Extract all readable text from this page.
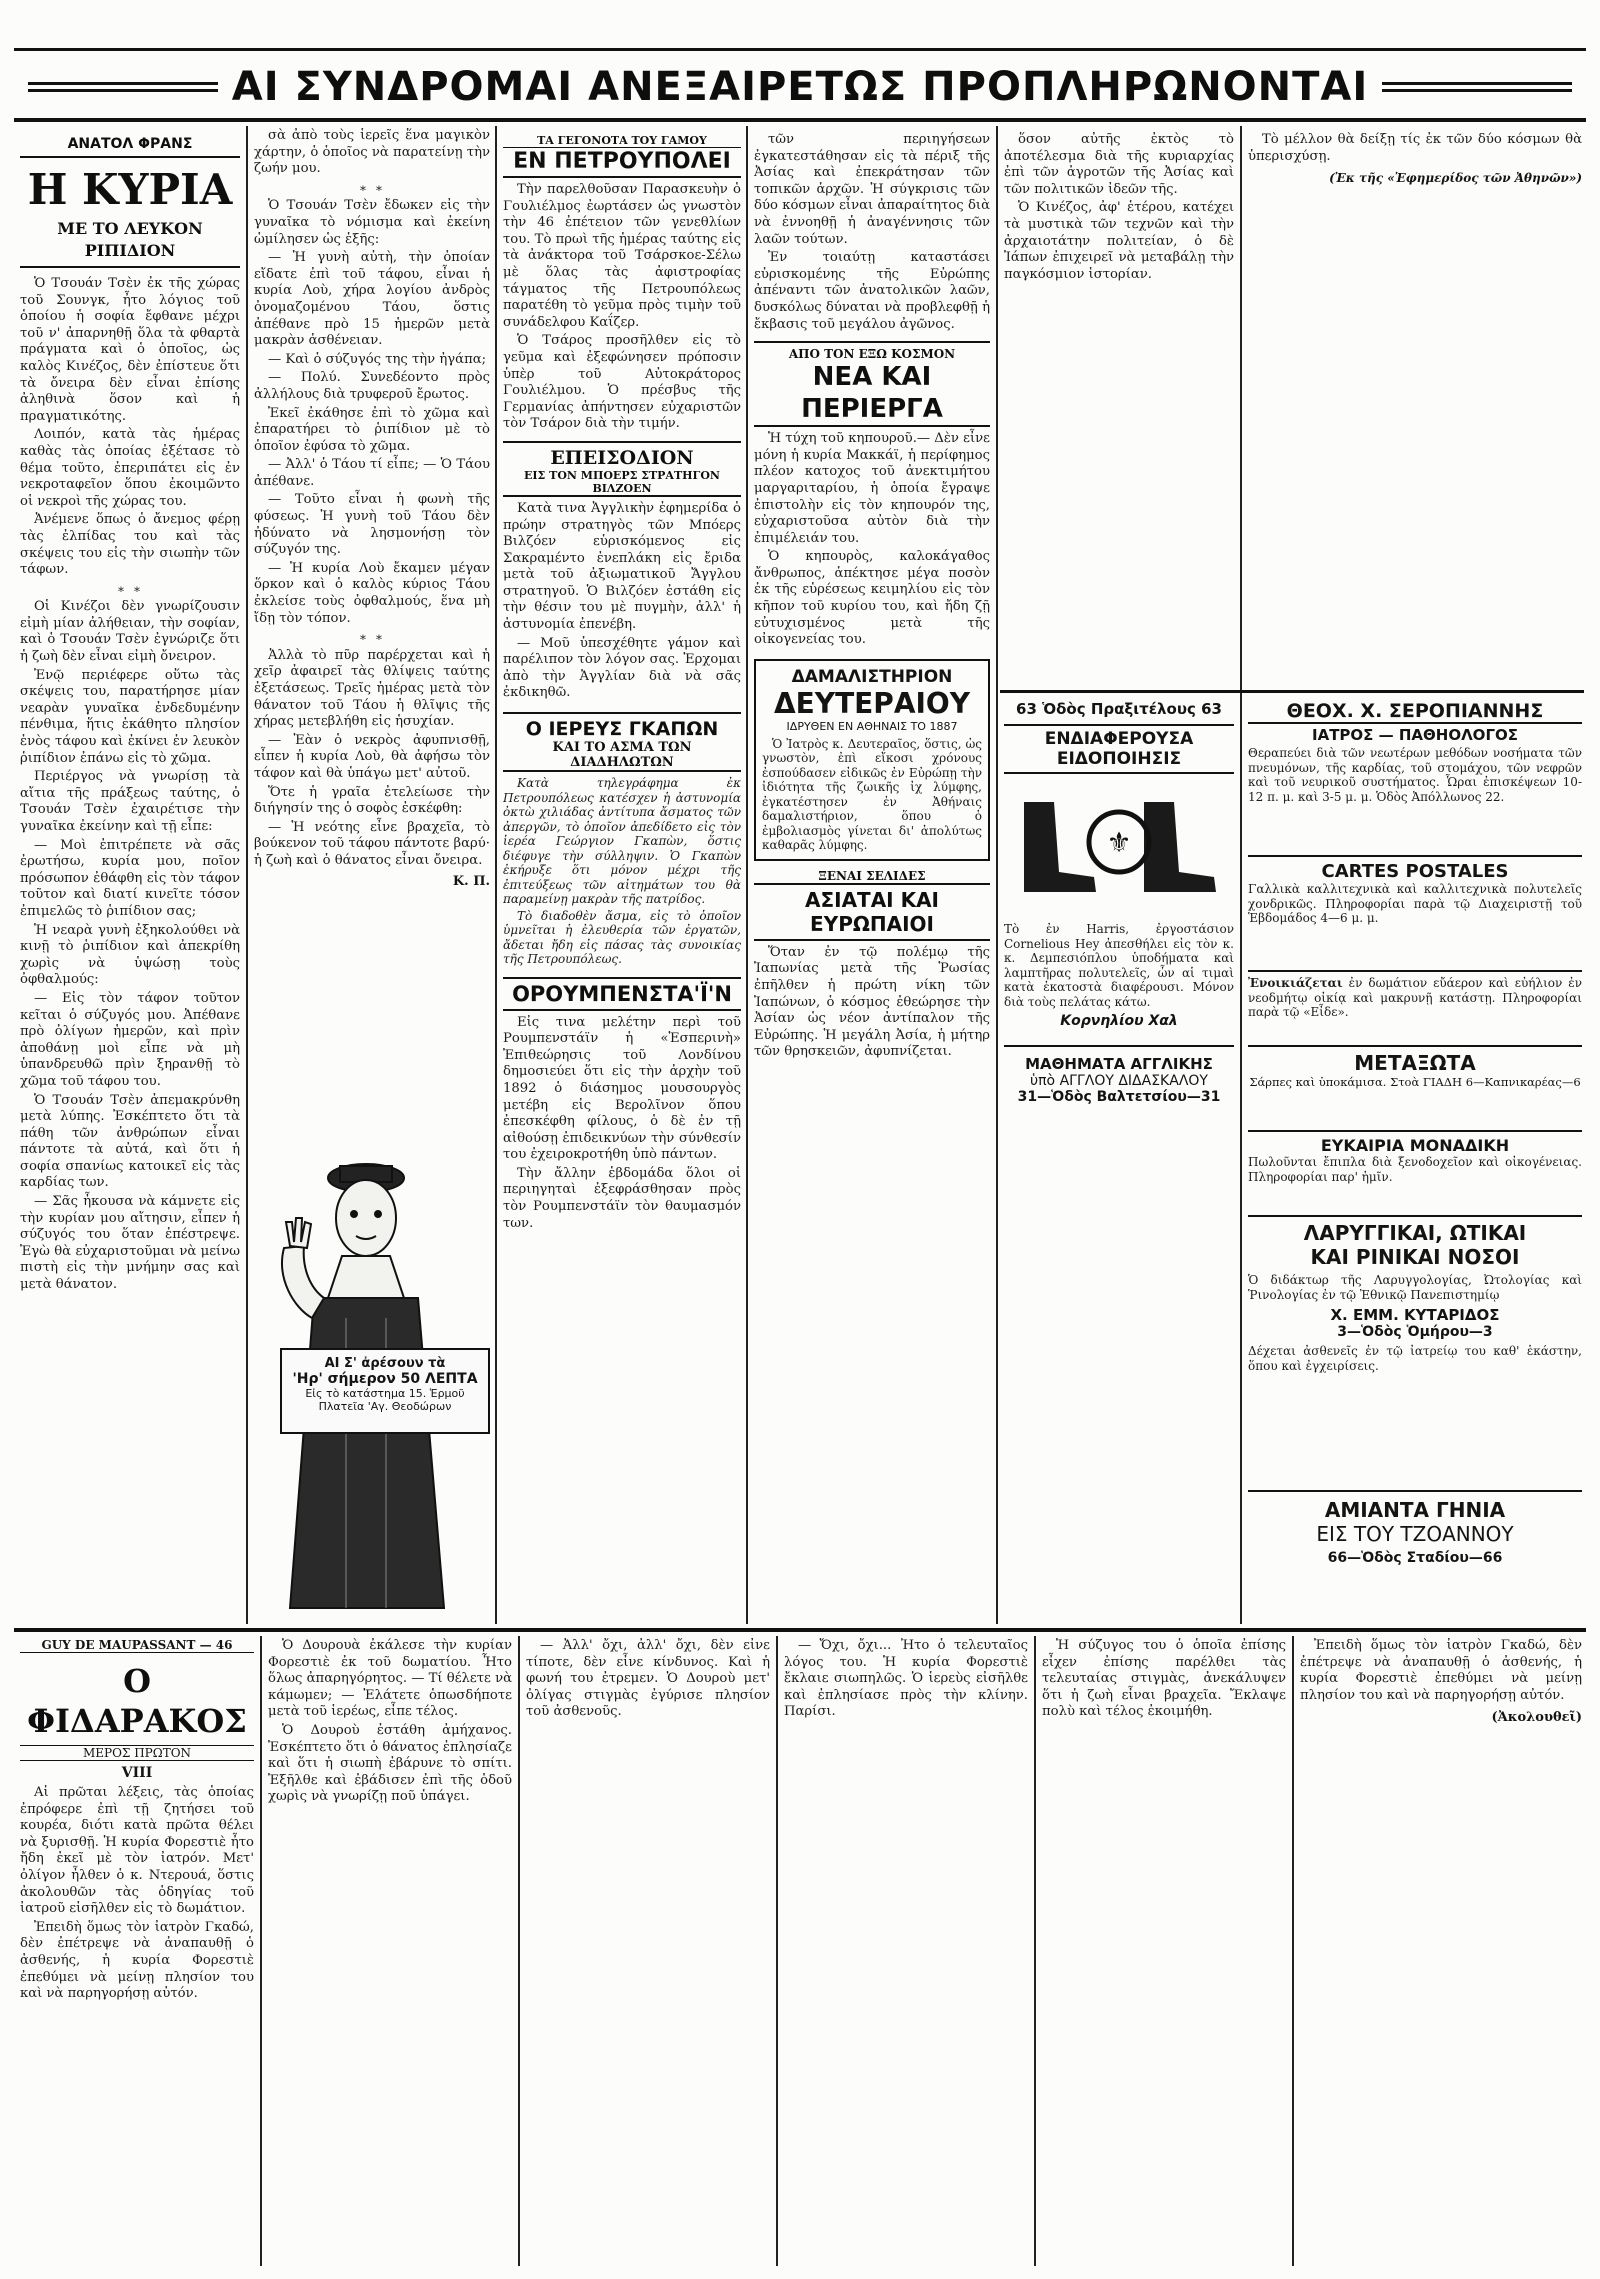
ΑΙ ΣΥΝΔΡΟΜΑΙ ΑΝΕΞΑΙΡΕΤΩΣ ΠΡΟΠΛΗΡΩΝΟΝΤΑΙ
ΑΝΑΤΟΛ ΦΡΑΝΣ
Η ΚΥΡΙΑ
ΜΕ ΤΟ ΛΕΥΚΟΝ ΡΙΠΙΔΙΟΝ

Ὁ Τσουάν Τσὲν ἐκ τῆς χώρας τοῦ Σουνγκ, ἦτο λόγιος τοῦ ὁποίου ἡ σοφία ἔφθανε μέχρι τοῦ ν' ἀπαρνηθῇ ὅλα τὰ φθαρτὰ πράγματα καὶ ὁ ὁποῖος, ὡς καλὸς Κινέζος, δὲν ἐπίστευε ὅτι τὰ ὄνειρα δὲν εἶναι ἐπίσης ἀληθινὰ ὅσον καὶ ἡ πραγματικότης.

Λοιπόν, κατὰ τὰς ἡμέρας καθὰς τὰς ὁποίας ἐξέτασε τὸ θέμα τοῦτο, ἐπεριπάτει εἰς ἐν νεκροταφεῖον ὅπου ἐκοιμῶντο οἱ νεκροὶ τῆς χώρας του.

Ἀνέμενε ὅπως ὁ ἄνεμος φέρῃ τὰς ἐλπίδας του καὶ τὰς σκέψεις του εἰς τὴν σιωπὴν τῶν τάφων.

∗ ∗

Οἱ Κινέζοι δὲν γνωρίζουσιν εἰμὴ μίαν ἀλήθειαν, τὴν σοφίαν, καὶ ὁ Τσουάν Τσὲν ἐγνώριζε ὅτι ἡ ζωὴ δὲν εἶναι εἰμὴ ὄνειρον.

Ἐνῷ περιέφερε οὕτω τὰς σκέψεις του, παρατήρησε μίαν νεαρὰν γυναῖκα ἐνδεδυμένην πένθιμα, ἥτις ἐκάθητο πλησίον ἑνὸς τάφου καὶ ἐκίνει ἐν λευκὸν ῥιπίδιον ἐπάνω εἰς τὸ χῶμα.

Περιέργος νὰ γνωρίσῃ τὰ αἴτια τῆς πράξεως ταύτης, ὁ Τσουάν Τσὲν ἐχαιρέτισε τὴν γυναῖκα ἐκείνην καὶ τῇ εἶπε:

— Μοὶ ἐπιτρέπετε νὰ σᾶς ἐρωτήσω, κυρία μου, ποῖον πρόσωπον ἐθάφθη εἰς τὸν τάφον τοῦτον καὶ διατί κινεῖτε τόσον ἐπιμελῶς τὸ ῥιπίδιον σας;

Ἡ νεαρὰ γυνὴ ἐξηκολούθει νὰ κινῇ τὸ ῥιπίδιον καὶ ἀπεκρίθη χωρὶς νὰ ὑψώσῃ τοὺς ὀφθαλμούς:

— Εἰς τὸν τάφον τοῦτον κεῖται ὁ σύζυγός μου. Ἀπέθανε πρὸ ὀλίγων ἡμερῶν, καὶ πρὶν ἀποθάνῃ μοὶ εἶπε νὰ μὴ ὑπανδρευθῶ πρὶν ξηρανθῇ τὸ χῶμα τοῦ τάφου του.

Ὁ Τσουάν Τσὲν ἀπεμακρύνθη μετὰ λύπης. Ἐσκέπτετο ὅτι τὰ πάθη τῶν ἀνθρώπων εἶναι πάντοτε τὰ αὐτά, καὶ ὅτι ἡ σοφία σπανίως κατοικεῖ εἰς τὰς καρδίας των.

— Σᾶς ἦκουσα νὰ κάμνετε εἰς τὴν κυρίαν μου αἴτησιν, εἶπεν ἡ σύζυγός του ὅταν ἐπέστρεψε. Ἐγὼ θὰ εὐχαριστοῦμαι νὰ μείνω πιστὴ εἰς τὴν μνήμην σας καὶ μετὰ θάνατον.

σὰ ἀπὸ τοὺς ἱερεῖς ἕνα μαγικὸν χάρτην, ὁ ὁποῖος νὰ παρατείνῃ τὴν ζωήν μου.

∗ ∗

Ὁ Τσουάν Τσὲν ἔδωκεν εἰς τὴν γυναῖκα τὸ νόμισμα καὶ ἐκείνη ὡμίλησεν ὡς ἑξῆς:

— Ἡ γυνὴ αὐτὴ, τὴν ὁποίαν εἴδατε ἐπὶ τοῦ τάφου, εἶναι ἡ κυρία Λοὺ, χήρα λογίου ἀνδρὸς ὀνομαζομένου Τάου, ὅστις ἀπέθανε πρὸ 15 ἡμερῶν μετὰ μακρὰν ἀσθένειαν.

— Καὶ ὁ σύζυγός της τὴν ἠγάπα;

— Πολύ. Συνεδέοντο πρὸς ἀλλήλους διὰ τρυφεροῦ ἔρωτος.

Ἐκεῖ ἐκάθησε ἐπὶ τὸ χῶμα καὶ ἐπαρατήρει τὸ ῥιπίδιον μὲ τὸ ὁποῖον ἐφύσα τὸ χῶμα.

— Ἀλλ' ὁ Τάου τί εἶπε; — Ὁ Τάου ἀπέθανε.

— Τοῦτο εἶναι ἡ φωνὴ τῆς φύσεως. Ἡ γυνὴ τοῦ Τάου δὲν ἠδύνατο νὰ λησμονήσῃ τὸν σύζυγόν της.

— Ἡ κυρία Λοὺ ἔκαμεν μέγαν ὅρκον καὶ ὁ καλὸς κύριος Τάου ἐκλείσε τοὺς ὀφθαλμούς, ἕνα μὴ ἴδῃ τὸν τόπον.

∗ ∗

Ἀλλὰ τὸ πῦρ παρέρχεται καὶ ἡ χεῖρ ἀφαιρεῖ τὰς θλίψεις ταύτης ἐξετάσεως. Τρεῖς ἡμέρας μετὰ τὸν θάνατον τοῦ Τάου ἡ θλῖψις τῆς χήρας μετεβλήθη εἰς ἡσυχίαν.

— Ἐὰν ὁ νεκρὸς ἀφυπνισθῇ, εἶπεν ἡ κυρία Λοὺ, θὰ ἀφήσω τὸν τάφον καὶ θὰ ὑπάγω μετ' αὐτοῦ.

Ὅτε ἡ γραῖα ἐτελείωσε τὴν διήγησίν της ὁ σοφὸς ἐσκέφθη:

— Ἡ νεότης εἶνε βραχεῖα, τὸ βούκενον τοῦ τάφου πάντοτε βαρύ· ἡ ζωὴ καὶ ὁ θάνατος εἶναι ὄνειρα.

Κ. Π.
ΑΙ Σ' ἀρέσουν τὰ
'Ηρ' σήμερον 50 ΛΕΠΤΑ
Εἰς τὸ κατάστημα 15. Ἑρμοῦ
Πλατεῖα 'Αγ. Θεοδώρων
ΤΑ ΓΕΓΟΝΟΤΑ ΤΟΥ ΓΑΜΟΥ
ΕΝ ΠΕΤΡΟΥΠΟΛΕΙ

Τὴν παρελθοῦσαν Παρασκευὴν ὁ Γουλιέλμος ἐωρτάσεν ὡς γνωστὸν τὴν 46 ἐπέτειον τῶν γενεθλίων του. Τὸ πρωὶ τῆς ἡμέρας ταύτης εἰς τὰ ἀνάκτορα τοῦ Τσάρσκοε-Σέλω μὲ ὅλας τὰς ἀφιστροφίας τάγματος τῆς Πετρουπόλεως παρατέθη τὸ γεῦμα πρὸς τιμὴν τοῦ συνάδελφου Καΐζερ.

Ὁ Τσάρος προσῆλθεν εἰς τὸ γεῦμα καὶ ἐξεφώνησεν πρόποσιν ὑπὲρ τοῦ Αὐτοκράτορος Γουλιέλμου. Ὁ πρέσβυς τῆς Γερμανίας ἀπήντησεν εὐχαριστῶν τὸν Τσάρον διὰ τὴν τιμήν.

ΕΠΕΙΣΟΔΙΟΝ
ΕΙΣ ΤΟΝ ΜΠΟΕΡΣ ΣΤΡΑΤΗΓΟΝ ΒΙΛΖΟΕΝ

Κατὰ τινα Ἀγγλικὴν ἐφημερίδα ὁ πρώην στρατηγὸς τῶν Μπόερς Βιλζόεν εὑρισκόμενος εἰς Σακραμέντο ἐνεπλάκη εἰς ἔριδα μετὰ τοῦ ἀξιωματικοῦ Ἄγγλου στρατηγοῦ. Ὁ Βιλζόεν ἐστάθη εἰς τὴν θέσιν του μὲ πυγμὴν, ἀλλ' ἡ ἀστυνομία ἐπενέβη.

— Μοῦ ὑπεσχέθητε γάμον καὶ παρέλιπον τὸν λόγον σας. Ἐρχομαι ἀπὸ τὴν Ἀγγλίαν διὰ νὰ σᾶς ἐκδικηθῶ.

Ο ΙΕΡΕΥΣ ΓΚΑΠΩΝ
ΚΑΙ ΤΟ ΑΣΜΑ ΤΩΝ ΔΙΑΔΗΛΩΤΩΝ

Κατὰ τηλεγράφημα ἐκ Πετρουπόλεως κατέσχεν ἡ ἀστυνομία ὀκτὼ χιλιάδας ἀντίτυπα ἄσματος τῶν ἀπεργῶν, τὸ ὁποῖον ἀπεδίδετο εἰς τὸν ἱερέα Γεώργιον Γκαπὼν, ὅστις διέφυγε τὴν σύλληψιν. Ὁ Γκαπὼν ἐκήρυξε ὅτι μόνον μέχρι τῆς ἐπιτεύξεως τῶν αἰτημάτων του θὰ παραμείνῃ μακρὰν τῆς πατρίδος.

Τὸ διαδοθὲν ἄσμα, εἰς τὸ ὁποῖον ὑμνεῖται ἡ ἐλευθερία τῶν ἐργατῶν, ἄδεται ἤδη εἰς πάσας τὰς συνοικίας τῆς Πετρουπόλεως.

ΟΡΟΥΜΠΕΝΣΤΑ'Ϊ'Ν

Εἰς τινα μελέτην περὶ τοῦ Ρουμπενστάϊν ἡ «Ἑσπερινὴ» Ἐπιθεώρησις τοῦ Λονδίνου δημοσιεύει ὅτι εἰς τὴν ἀρχὴν τοῦ 1892 ὁ διάσημος μουσουργὸς μετέβη εἰς Βερολῖνον ὅπου ἐπεσκέφθη φίλους, ὁ δὲ ἐν τῇ αἰθούσῃ ἐπιδεικνύων τὴν σύνθεσίν του ἐχειροκροτήθη ὑπὸ πάντων.

Τὴν ἄλλην ἑβδομάδα ὅλοι οἱ περιηγηταὶ ἐξεφράσθησαν πρὸς τὸν Ρουμπενστάϊν τὸν θαυμασμόν των.

τῶν περιηγήσεων ἐγκατεστάθησαν εἰς τὰ πέριξ τῆς Ἀσίας καὶ ἐπεκράτησαν τῶν τοπικῶν ἀρχῶν. Ἡ σύγκρισις τῶν δύο κόσμων εἶναι ἀπαραίτητος διὰ νὰ ἐννοηθῇ ἡ ἀναγέννησις τῶν λαῶν τούτων.

Ἐν τοιαύτῃ καταστάσει εὑρισκομένης τῆς Εὐρώπης ἀπέναντι τῶν ἀνατολικῶν λαῶν, δυσκόλως δύναται νὰ προβλεφθῇ ἡ ἔκβασις τοῦ μεγάλου ἀγῶνος.

ΑΠΟ ΤΟΝ ΕΞΩ ΚΟΣΜΟΝ
ΝΕΑ ΚΑΙ ΠΕΡΙΕΡΓΑ

Ἡ τύχη τοῦ κηπουροῦ.— Δὲν εἶνε μόνη ἡ κυρία Μακκάϊ, ἡ περίφημος πλέον κατοχος τοῦ ἀνεκτιμήτου μαργαριταρίου, ἡ ὁποία ἔγραψε ἐπιστολὴν εἰς τὸν κηπουρόν της, εὐχαριστοῦσα αὐτὸν διὰ τὴν ἐπιμέλειάν του.

Ὁ κηπουρὸς, καλοκάγαθος ἄνθρωπος, ἀπέκτησε μέγα ποσὸν ἐκ τῆς εὑρέσεως κειμηλίου εἰς τὸν κῆπον τοῦ κυρίου του, καὶ ἤδη ζῇ εὐτυχισμένος μετὰ τῆς οἰκογενείας του.

ΔΑΜΑΛΙΣΤΗΡΙΟΝ
ΔΕΥΤΕΡΑΙΟΥ
ΙΔΡΥΘΕΝ ΕΝ ΑΘΗΝΑΙΣ ΤΟ 1887
Ὁ Ἰατρὸς κ. Δευτεραῖος, ὅστις, ὡς γνωστὸν, ἐπὶ εἴκοσι χρόνους ἐσπούδασεν εἰδικῶς ἐν Εὐρώπῃ τὴν ἰδιότητα τῆς ζωικῆς ἰχ λύμφης, ἐγκατέστησεν ἐν Ἀθήναις δαμαλιστήριον, ὅπου ὁ ἐμβολιασμὸς γίνεται δι' ἀπολύτως καθαρᾶς λύμφης.
ΞΕΝΑΙ ΣΕΛΙΔΕΣ
ΑΣΙΑΤΑΙ ΚΑΙ ΕΥΡΩΠΑΙΟΙ

Ὅταν ἐν τῷ πολέμῳ τῆς Ἰαπωνίας μετὰ τῆς Ῥωσίας ἐπῆλθεν ἡ πρώτη νίκη τῶν Ἰαπώνων, ὁ κόσμος ἐθεώρησε τὴν Ἀσίαν ὡς νέον ἀντίπαλον τῆς Εὐρώπης. Ἡ μεγάλη Ἀσία, ἡ μήτηρ τῶν θρησκειῶν, ἀφυπνίζεται.

ὅσον αὐτῆς ἐκτὸς τὸ ἀποτέλεσμα διὰ τῆς κυριαρχίας ἐπὶ τῶν ἀγροτῶν τῆς Ἀσίας καὶ τῶν πολιτικῶν ἰδεῶν τῆς.

Ὁ Κινέζος, ἀφ' ἑτέρου, κατέχει τὰ μυστικὰ τῶν τεχνῶν καὶ τὴν ἀρχαιοτάτην πολιτείαν, ὁ δὲ Ἰάπων ἐπιχειρεῖ νὰ μεταβάλῃ τὴν παγκόσμιον ἱστορίαν.

Τὸ μέλλον θὰ δείξῃ τίς ἐκ τῶν δύο κόσμων θὰ ὑπερισχύσῃ.

(Ἐκ τῆς «Ἐφημερίδος τῶν Ἀθηνῶν»)
ΘΕΟΧ. Χ. ΣΕΡΟΠΙΑΝΝΗΣ
ΙΑΤΡΟΣ — ΠΑΘΗΟΛΟΓΟΣ
Θεραπεύει διὰ τῶν νεωτέρων μεθόδων νοσήματα τῶν πνευμόνων, τῆς καρδίας, τοῦ στομάχου, τῶν νεφρῶν καὶ τοῦ νευρικοῦ συστήματος. Ὧραι ἐπισκέψεων 10-12 π. μ. καὶ 3-5 μ. μ. Ὁδὸς Ἀπόλλωνος 22.
CARTES POSTALES
Γαλλικὰ καλλιτεχνικὰ καὶ καλλιτεχνικὰ πολυτελεῖς χονδρικῶς. Πληροφορίαι παρὰ τῷ Διαχειριστῇ τοῦ Ἑβδομάδος 4—6 μ. μ.
Ἐνοικιάζεται ἐν δωμάτιον εὔάερον καὶ εὐήλιον ἐν νεοδμήτῳ οἰκίᾳ καὶ μακρυνῇ κατάστῃ. Πληροφορίαι παρὰ τῷ «Εἶδε».
ΜΕΤΑΞΩΤΑ
Σάρπες καὶ ὑποκάμισα. Στοὰ ΓΙΑΔΗ 6—Καπνικαρέας—6
ΕΥΚΑΙΡΙΑ ΜΟΝΑΔΙΚΗ
Πωλοῦνται ἔπιπλα διὰ ξενοδοχεῖον καὶ οἰκογένειας. Πληροφορίαι παρ' ἡμῖν.
ΛΑΡΥΓΓΙΚΑΙ, ΩΤΙΚΑΙ
ΚΑΙ ΡΙΝΙΚΑΙ ΝΟΣΟΙ
Ὁ διδάκτωρ τῆς Λαρυγγολογίας, Ὠτολογίας καὶ Ῥινολογίας ἐν τῷ Ἐθνικῷ Πανεπιστημίῳ
Χ. ΕΜΜ. ΚΥΤΑΡΙΔΟΣ
3—Ὁδὸς Ὁμήρου—3
Δέχεται ἀσθενεῖς ἐν τῷ ἰατρείῳ του καθ' ἑκάστην, ὅπου καὶ ἐγχειρίσεις.
ΑΜΙΑΝΤΑ ΓΗΝΙΑ
ΕΙΣ ΤΟΥ ΤΖΟΑΝΝΟΥ
66—Ὁδὸς Σταδίου—66
63 Ὁδὸς Πραξιτέλους 63
ΕΝΔΙΑΦΕΡΟΥΣΑ ΕΙΔΟΠΟΙΗΣΙΣ
⚜
Τὸ ἐν Harris, ἐργοστάσιον Cornelious Hey ἀπεσθήλει εἰς τὸν κ. κ. Δεμπεσιόπλου ὑποδήματα καὶ λαμπτῆρας πολυτελεῖς, ὧν αἱ τιμαὶ κατὰ ἑκατοστὰ διαφέρουσι. Μόνον διὰ τοὺς πελάτας κάτω.
Κορνηλίου Χαλ
ΜΑΘΗΜΑΤΑ ΑΓΓΛΙΚΗΣ
ὑπὸ ΑΓΓΛΟΥ ΔΙΔΑΣΚΑΛΟΥ
31—Ὁδὸς Βαλτετσίου—31
GUY DE MAUPASSANT — 46
Ο ΦΙΔΑΡΑΚΟΣ
ΜΕΡΟΣ ΠΡΩΤΟΝ
VIII

Αἱ πρῶται λέξεις, τὰς ὁποίας ἐπρόφερε ἐπὶ τῇ ζητήσει τοῦ κουρέα, διότι κατὰ πρῶτα θέλει νὰ ξυρισθῇ. Ἡ κυρία Φορεστιὲ ἦτο ἤδη ἐκεῖ μὲ τὸν ἰατρόν. Μετ' ὀλίγον ἦλθεν ὁ κ. Ντερουά, ὅστις ἀκολουθῶν τὰς ὁδηγίας τοῦ ἰατροῦ εἰσῆλθεν εἰς τὸ δωμάτιον.

Ἐπειδὴ ὅμως τὸν ἰατρὸν Γκαδώ, δὲν ἐπέτρεψε νὰ ἀναπαυθῇ ὁ ἀσθενής, ἡ κυρία Φορεστιὲ ἐπεθύμει νὰ μείνῃ πλησίον του καὶ νὰ παρηγορήσῃ αὐτόν.

Ὁ Δουρουὰ ἐκάλεσε τὴν κυρίαν Φορεστιὲ ἐκ τοῦ δωματίου. Ἦτο ὅλως ἀπαρηγόρητος. — Τί θέλετε νὰ κάμωμεν; — Ἐλάτετε ὁπωσδήποτε μετὰ τοῦ ἱερέως, εἶπε τέλος.

Ὁ Δουροὺ ἐστάθη ἀμήχανος. Ἐσκέπτετο ὅτι ὁ θάνατος ἐπλησίαζε καὶ ὅτι ἡ σιωπὴ ἐβάρυνε τὸ σπίτι. Ἐξῆλθε καὶ ἐβάδισεν ἐπὶ τῆς ὁδοῦ χωρὶς νὰ γνωρίζῃ ποῦ ὑπάγει.

— Ἀλλ' ὄχι, ἀλλ' ὄχι, δὲν εἶνε τίποτε, δὲν εἶνε κίνδυνος. Καὶ ἡ φωνή του ἐτρεμεν. Ὁ Δουροὺ μετ' ὀλίγας στιγμὰς ἐγύρισε πλησίον τοῦ ἀσθενοῦς.

— Ὄχι, ὄχι... Ἦτο ὁ τελευταῖος λόγος του. Ἡ κυρία Φορεστιὲ ἔκλαιε σιωπηλῶς. Ὁ ἱερεὺς εἰσῆλθε καὶ ἐπλησίασε πρὸς τὴν κλίνην. Παρίσι.

Ἡ σύζυγος του ὁ ὁποῖα ἐπίσης εἶχεν ἐπίσης παρέλθει τὰς τελευταίας στιγμὰς, ἀνεκάλυψεν ὅτι ἡ ζωὴ εἶναι βραχεῖα. Ἔκλαψε πολὺ καὶ τέλος ἐκοιμήθη.

Ἐπειδὴ ὅμως τὸν ἰατρὸν Γκαδώ, δὲν ἐπέτρεψε νὰ ἀναπαυθῇ ὁ ἀσθενής, ἡ κυρία Φορεστιὲ ἐπεθύμει νὰ μείνῃ πλησίον του καὶ νὰ παρηγορήσῃ αὐτόν.

(Ἀκολουθεῖ)
